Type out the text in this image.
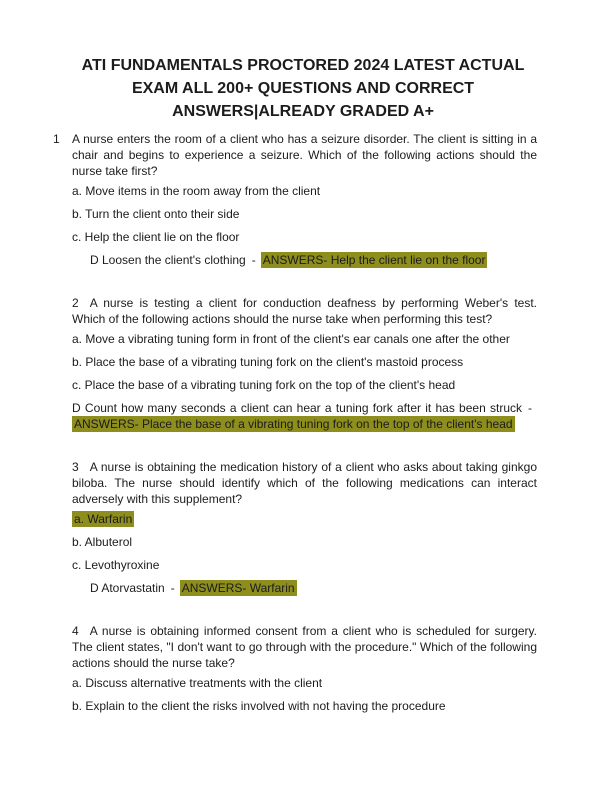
ATI FUNDAMENTALS PROCTORED 2024 LATEST ACTUAL
EXAM ALL 200+ QUESTIONS AND CORRECT
ANSWERS|ALREADY GRADED A+
1 A nurse enters the room of a client who has a seizure disorder. The client is sitting in a chair and begins to experience a seizure. Which of the following actions should the nurse take first?

a. Move items in the room away from the client

b. Turn the client onto their side

c. Help the client lie on the floor

D Loosen the client's clothing - ANSWERS- Help the client lie on the floor

2 A nurse is testing a client for conduction deafness by performing Weber's test. Which of the following actions should the nurse take when performing this test?

a. Move a vibrating tuning form in front of the client's ear canals one after the other

b. Place the base of a vibrating tuning fork on the client's mastoid process

c. Place the base of a vibrating tuning fork on the top of the client's head

D Count how many seconds a client can hear a tuning fork after it has been struck -

ANSWERS- Place the base of a vibrating tuning fork on the top of the client's head

3 A nurse is obtaining the medication history of a client who asks about taking ginkgo biloba. The nurse should identify which of the following medications can interact adversely with this supplement?

a. Warfarin

b. Albuterol

c. Levothyroxine

D Atorvastatin - ANSWERS- Warfarin

4 A nurse is obtaining informed consent from a client who is scheduled for surgery. The client states, "I don't want to go through with the procedure." Which of the following actions should the nurse take?

a. Discuss alternative treatments with the client

b. Explain to the client the risks involved with not having the procedure
